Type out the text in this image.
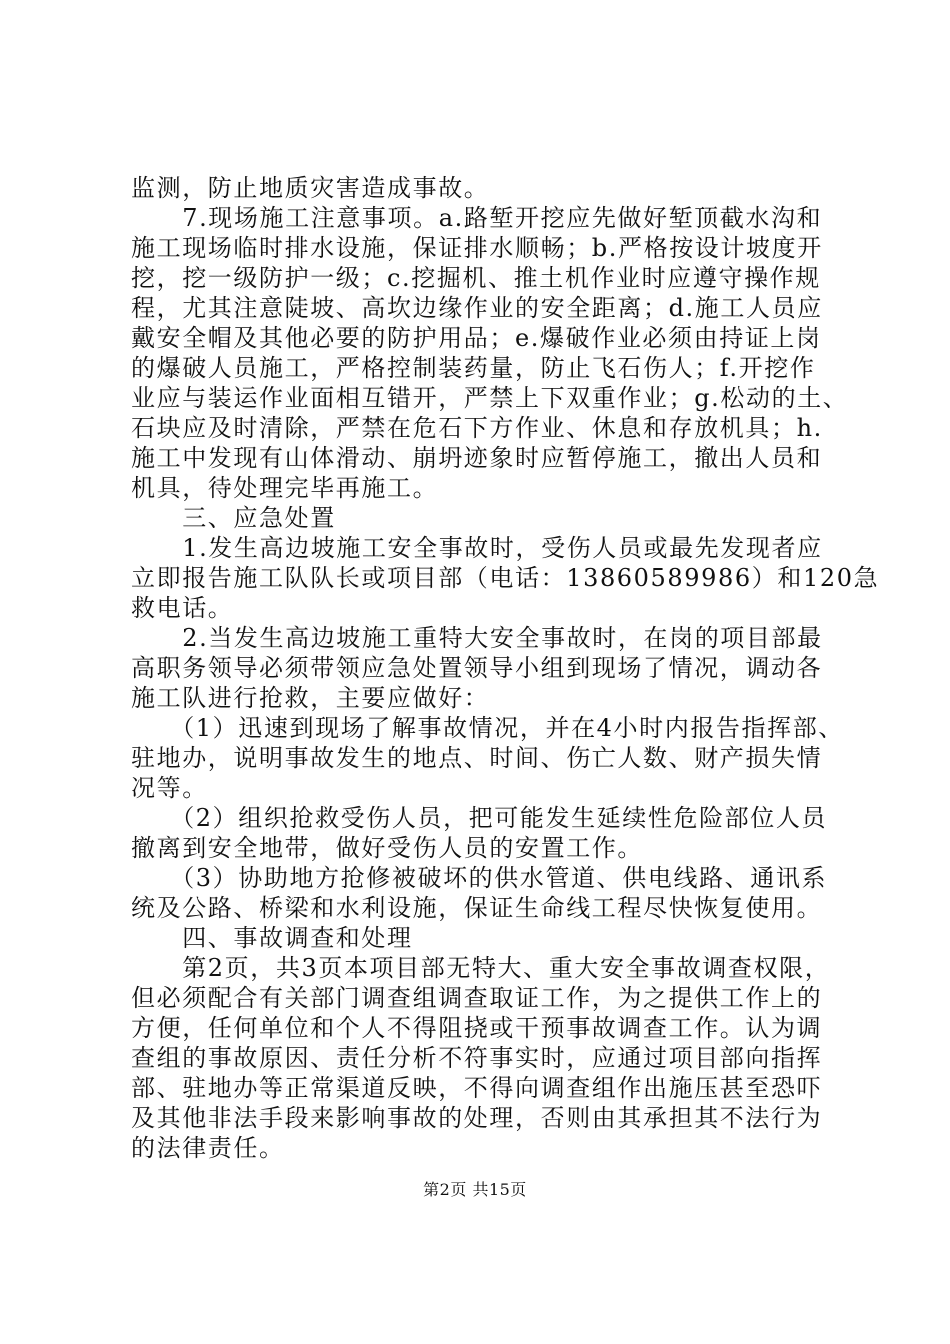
监测，防止地质灾害造成事故。
　　7.现场施工注意事项。a.路堑开挖应先做好堑顶截水沟和
施工现场临时排水设施，保证排水顺畅；b.严格按设计坡度开
挖，挖一级防护一级；c.挖掘机、推土机作业时应遵守操作规
程，尤其注意陡坡、高坎边缘作业的安全距离；d.施工人员应
戴安全帽及其他必要的防护用品；e.爆破作业必须由持证上岗
的爆破人员施工，严格控制装药量，防止飞石伤人；f.开挖作
业应与装运作业面相互错开，严禁上下双重作业；g.松动的土、
石块应及时清除，严禁在危石下方作业、休息和存放机具；h.
施工中发现有山体滑动、崩坍迹象时应暂停施工，撤出人员和
机具，待处理完毕再施工。
　　三、应急处置
　　1.发生高边坡施工安全事故时，受伤人员或最先发现者应
立即报告施工队队长或项目部（电话：13860589986）和120急
救电话。
　　2.当发生高边坡施工重特大安全事故时，在岗的项目部最
高职务领导必须带领应急处置领导小组到现场了情况，调动各
施工队进行抢救，主要应做好：
　　（1）迅速到现场了解事故情况，并在4小时内报告指挥部、
驻地办，说明事故发生的地点、时间、伤亡人数、财产损失情
况等。
　　（2）组织抢救受伤人员，把可能发生延续性危险部位人员
撤离到安全地带，做好受伤人员的安置工作。
　　（3）协助地方抢修被破坏的供水管道、供电线路、通讯系
统及公路、桥梁和水利设施，保证生命线工程尽快恢复使用。
　　四、事故调查和处理
　　第2页，共3页本项目部无特大、重大安全事故调查权限，
但必须配合有关部门调查组调查取证工作，为之提供工作上的
方便，任何单位和个人不得阻挠或干预事故调查工作。认为调
查组的事故原因、责任分析不符事实时，应通过项目部向指挥
部、驻地办等正常渠道反映，不得向调查组作出施压甚至恐吓
及其他非法手段来影响事故的处理，否则由其承担其不法行为
的法律责任。
第2页 共15页
